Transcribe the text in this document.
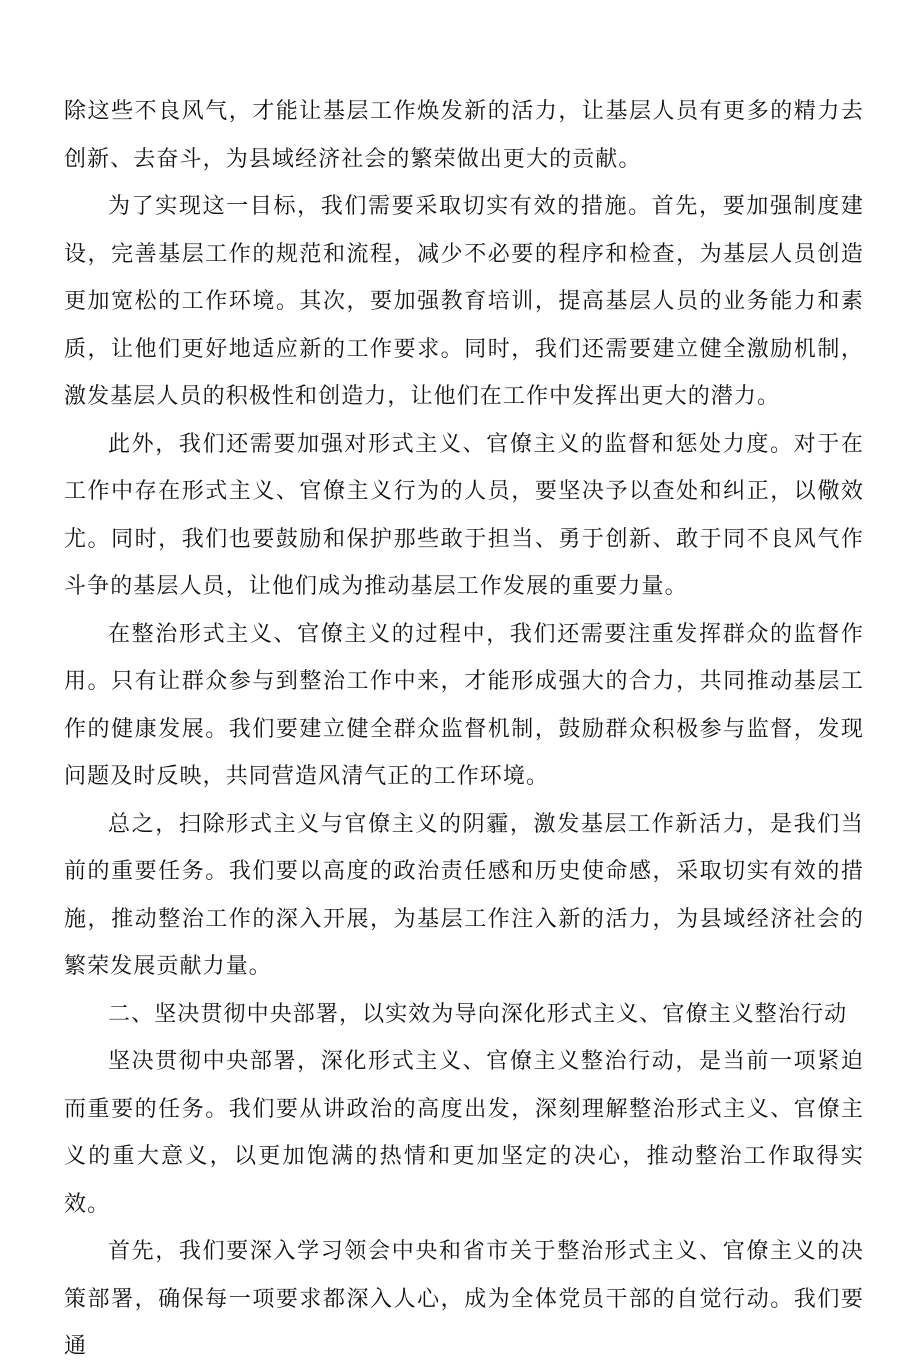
除这些不良风气，才能让基层工作焕发新的活力，让基层人员有更多的精力去创新、去奋斗，为县域经济社会的繁荣做出更大的贡献。

为了实现这一目标，我们需要采取切实有效的措施。首先，要加强制度建设，完善基层工作的规范和流程，减少不必要的程序和检查，为基层人员创造更加宽松的工作环境。其次，要加强教育培训，提高基层人员的业务能力和素质，让他们更好地适应新的工作要求。同时，我们还需要建立健全激励机制，激发基层人员的积极性和创造力，让他们在工作中发挥出更大的潜力。

此外，我们还需要加强对形式主义、官僚主义的监督和惩处力度。对于在工作中存在形式主义、官僚主义行为的人员，要坚决予以查处和纠正，以儆效尤。同时，我们也要鼓励和保护那些敢于担当、勇于创新、敢于同不良风气作斗争的基层人员，让他们成为推动基层工作发展的重要力量。

在整治形式主义、官僚主义的过程中，我们还需要注重发挥群众的监督作用。只有让群众参与到整治工作中来，才能形成强大的合力，共同推动基层工作的健康发展。我们要建立健全群众监督机制，鼓励群众积极参与监督，发现问题及时反映，共同营造风清气正的工作环境。

总之，扫除形式主义与官僚主义的阴霾，激发基层工作新活力，是我们当前的重要任务。我们要以高度的政治责任感和历史使命感，采取切实有效的措施，推动整治工作的深入开展，为基层工作注入新的活力，为县域经济社会的繁荣发展贡献力量。

二、坚决贯彻中央部署，以实效为导向深化形式主义、官僚主义整治行动

坚决贯彻中央部署，深化形式主义、官僚主义整治行动，是当前一项紧迫而重要的任务。我们要从讲政治的高度出发，深刻理解整治形式主义、官僚主义的重大意义，以更加饱满的热情和更加坚定的决心，推动整治工作取得实效。

首先，我们要深入学习领会中央和省市关于整治形式主义、官僚主义的决策部署，确保每一项要求都深入人心，成为全体党员干部的自觉行动。我们要通
